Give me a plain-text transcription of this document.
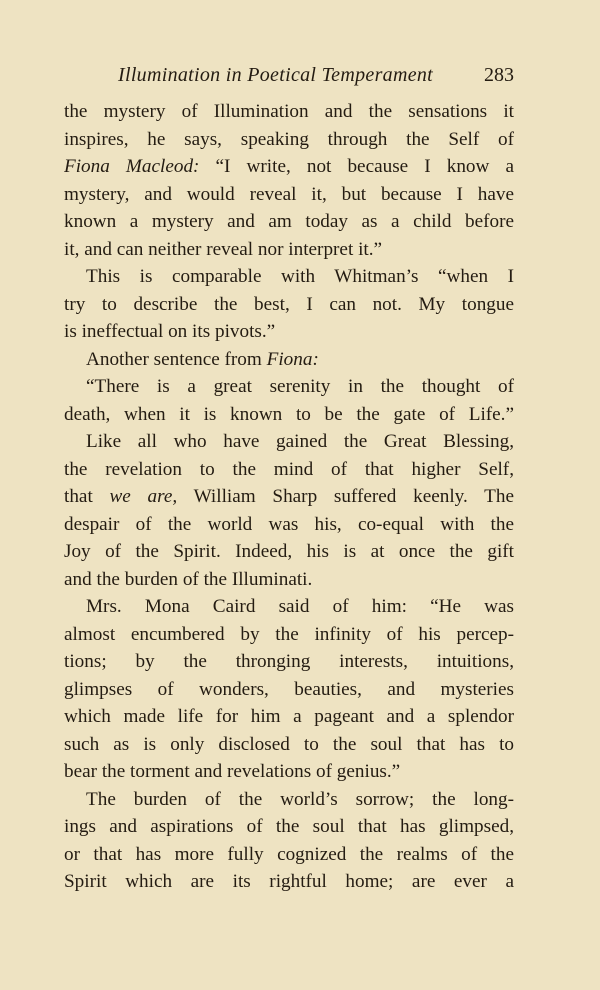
Illumination in Poetical Temperament	283
the mystery of Illumination and the sensations it
inspires, he says, speaking through the Self of
Fiona Macleod: “I write, not because I know a
mystery, and would reveal it, but because I have
known a mystery and am today as a child before
it, and can neither reveal nor interpret it.”
This is comparable with Whitman’s “when I
try to describe the best, I can not. My tongue
is ineffectual on its pivots.”
Another sentence from Fiona:
“There is a great serenity in the thought of
death, when it is known to be the gate of Life.”
Like all who have gained the Great Blessing,
the revelation to the mind of that higher Self,
that we are, William Sharp suffered keenly. The
despair of the world was his, co-equal with the
Joy of the Spirit. Indeed, his is at once the gift
and the burden of the Illuminati.
Mrs. Mona Caird said of him: “He was
almost encumbered by the infinity of his percep-
tions; by the thronging interests, intuitions,
glimpses of wonders, beauties, and mysteries
which made life for him a pageant and a splendor
such as is only disclosed to the soul that has to
bear the torment and revelations of genius.”
The burden of the world’s sorrow; the long-
ings and aspirations of the soul that has glimpsed,
or that has more fully cognized the realms of the
Spirit which are its rightful home; are ever a
